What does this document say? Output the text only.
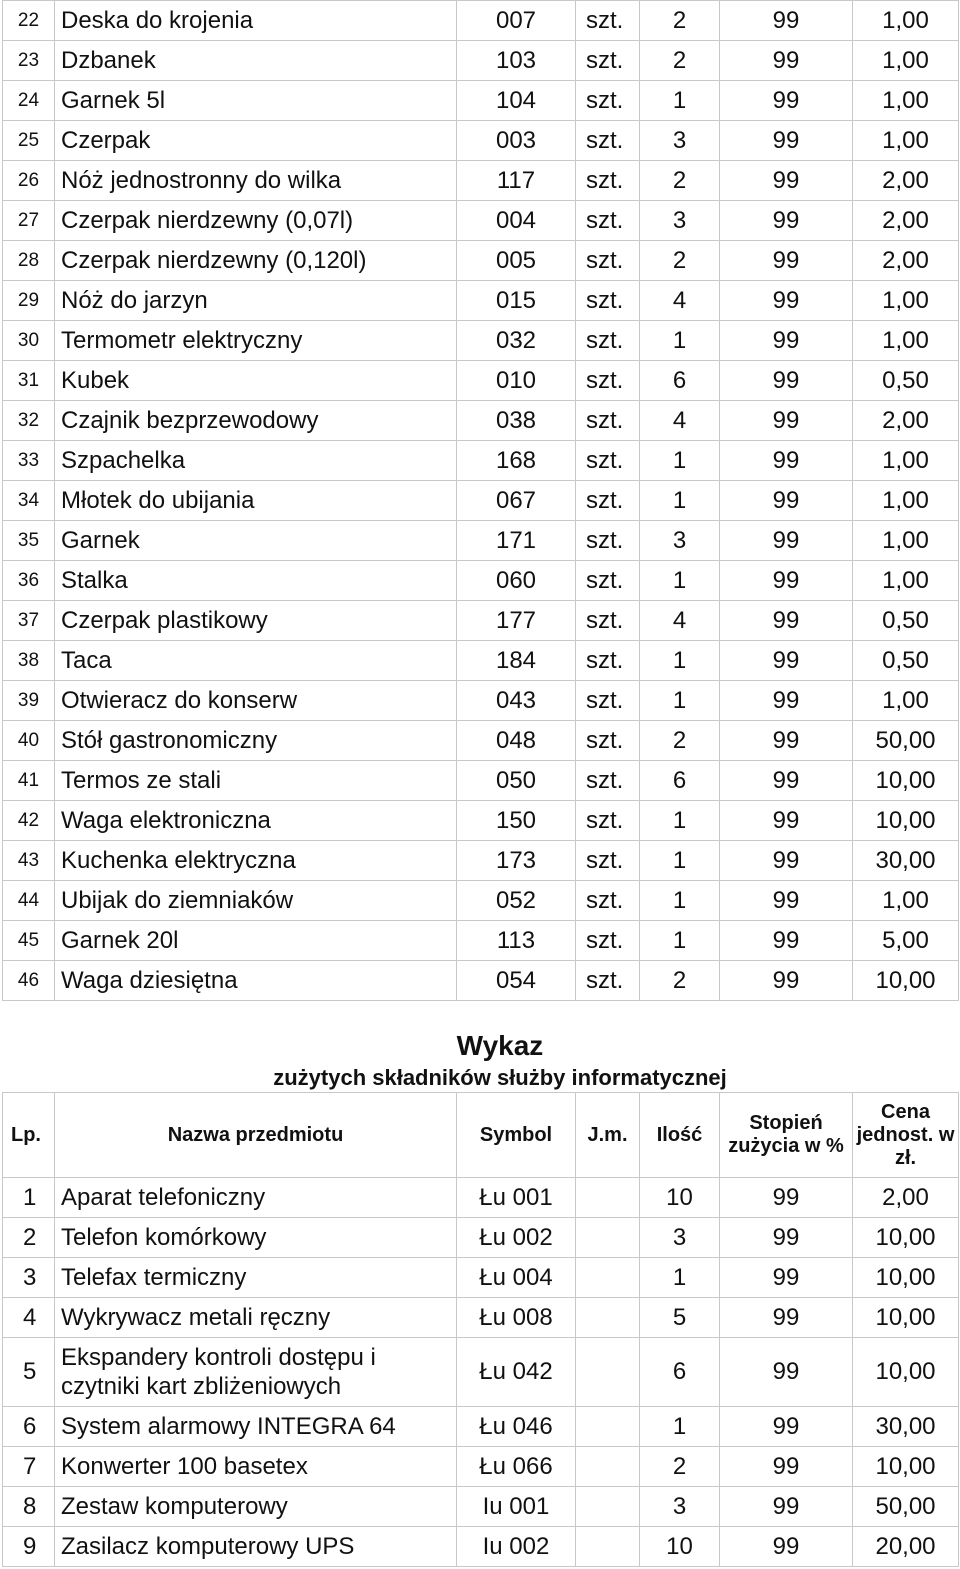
22	Deska do krojenia	007	szt.	2	99	1,00
23	Dzbanek	103	szt.	2	99	1,00
24	Garnek 5l	104	szt.	1	99	1,00
25	Czerpak	003	szt.	3	99	1,00
26	Nóż jednostronny do wilka	117	szt.	2	99	2,00
27	Czerpak nierdzewny (0,07l)	004	szt.	3	99	2,00
28	Czerpak nierdzewny (0,120l)	005	szt.	2	99	2,00
29	Nóż do jarzyn	015	szt.	4	99	1,00
30	Termometr elektryczny	032	szt.	1	99	1,00
31	Kubek	010	szt.	6	99	0,50
32	Czajnik bezprzewodowy	038	szt.	4	99	2,00
33	Szpachelka	168	szt.	1	99	1,00
34	Młotek do ubijania	067	szt.	1	99	1,00
35	Garnek	171	szt.	3	99	1,00
36	Stalka	060	szt.	1	99	1,00
37	Czerpak plastikowy	177	szt.	4	99	0,50
38	Taca	184	szt.	1	99	0,50
39	Otwieracz do konserw	043	szt.	1	99	1,00
40	Stół gastronomiczny	048	szt.	2	99	50,00
41	Termos ze stali	050	szt.	6	99	10,00
42	Waga elektroniczna	150	szt.	1	99	10,00
43	Kuchenka elektryczna	173	szt.	1	99	30,00
44	Ubijak do ziemniaków	052	szt.	1	99	1,00
45	Garnek 20l	113	szt.	1	99	5,00
46	Waga dziesiętna	054	szt.	2	99	10,00
Wykaz
zużytych składników służby informatycznej
Lp.	Nazwa przedmiotu	Symbol	J.m.	Ilość	Stopień zużycia w %	Cena jednost. w zł.
1	Aparat telefoniczny	Łu 001		10	99	2,00
2	Telefon komórkowy	Łu 002		3	99	10,00
3	Telefax termiczny	Łu 004		1	99	10,00
4	Wykrywacz metali ręczny	Łu 008		5	99	10,00
5	Ekspandery kontroli dostępu i czytniki kart zbliżeniowych	Łu 042		6	99	10,00
6	System alarmowy INTEGRA 64	Łu 046		1	99	30,00
7	Konwerter 100 basetex	Łu 066		2	99	10,00
8	Zestaw komputerowy	Iu 001		3	99	50,00
9	Zasilacz komputerowy UPS	Iu 002		10	99	20,00
